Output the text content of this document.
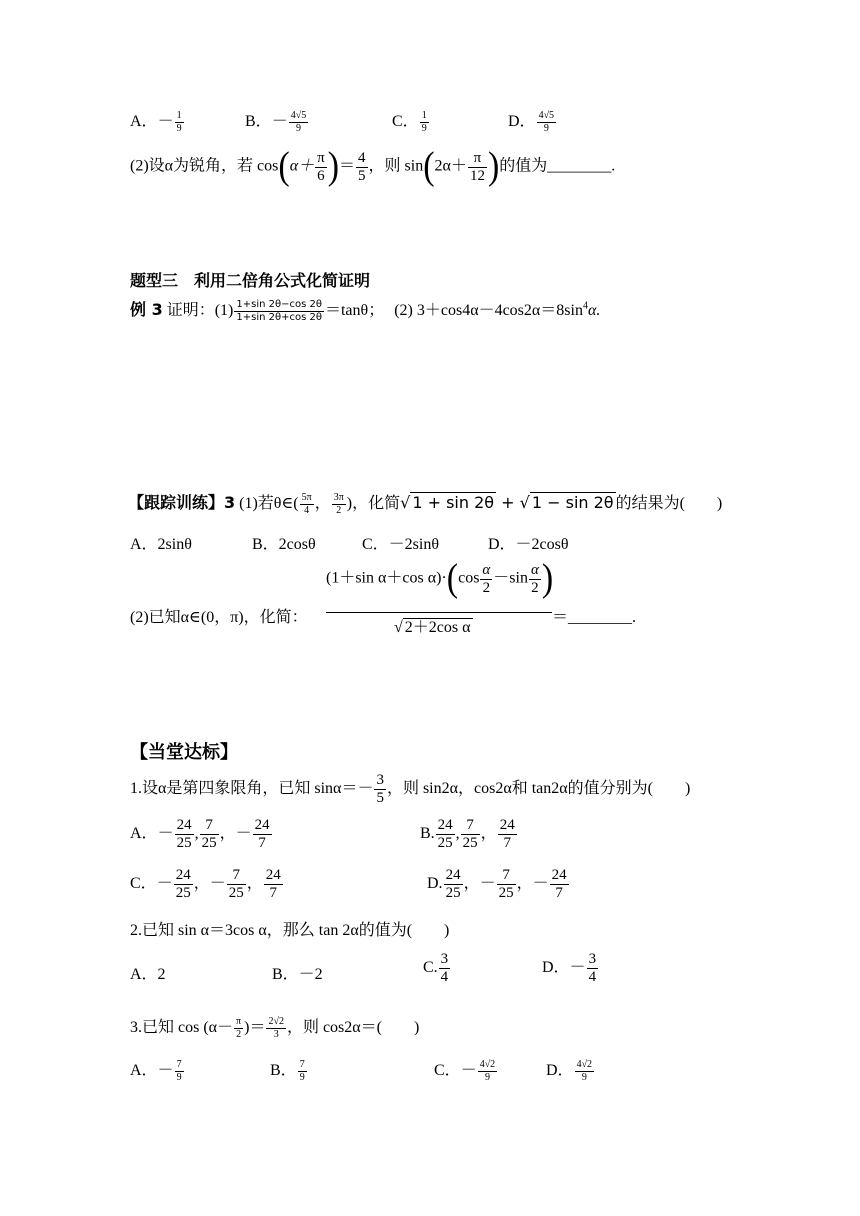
A．－ $\frac{1}{9}$	B．－ $\frac{4√5}{9}$	C． $\frac{1}{9}$	D． $\frac{4√5}{9}$
(2)设α为锐角，若 $\cos(\alpha+ \frac{\pi}{6}$ )＝ $\frac{4}{5}$ ，则 $\sin(2\alpha+ \frac{\pi}{12}$ )的值为________.
题型三　利用二倍角公式化简证明
例 3 证明：$(1) \frac{1+\sin 2\theta-\cos 2\theta}{1+\sin 2\theta+\cos 2\theta} =\tan\theta$； (2) $3+\cos 4\alpha-4\cos 2\alpha=8\sin^4\alpha$.
【跟踪训练】3 (1)若θ∈( $\frac{5\pi}{4}$ ， $\frac{3\pi}{2}$ )，化简√ 1 + sin 2θ + √ 1 − sin 2θ 的结果为(　　)
A．2sinθ	B．2cosθ	C．－2sinθ	D．－2cosθ
(2)已知α∈(0，π)，化简：
(1＋sin α＋cos $\alpha)\cdot(\cos \frac{\alpha}{2} -\sin \frac{\alpha}{2}$ )
√ 2＋2cos α
＝________.
【当堂达标】
1.设α是第四象限角，已知 $\sin\alpha=- \frac{3}{5}$ ，则 sin2α，cos2α和 tan2α的值分别为(　　)
A．－ $\frac{24}{25}$ , $\frac{7}{25}$ ，－ $\frac{24}{7}$	B. $\frac{24}{25}$ , $\frac{7}{25}$ ， $\frac{24}{7}$
C．－ $\frac{24}{25}$ ，－ $\frac{7}{25}$ ， $\frac{24}{7}$	D. $\frac{24}{25}$ ，－ $\frac{7}{25}$ ，－ $\frac{24}{7}$
2.已知 sin α＝3cos α，那么 tan 2α的值为(　　)
A．2	B．－2	C. $\frac{3}{4}$	D．－ $\frac{3}{4}$
3.已知 $\cos (\alpha- \frac{\pi}{2}$ )＝ $\frac{2√2}{3}$ ，则 cos2α＝(　　)
A．－ $\frac{7}{9}$	B． $\frac{7}{9}$	C．－ $\frac{4√2}{9}$	D． $\frac{4√2}{9}$
